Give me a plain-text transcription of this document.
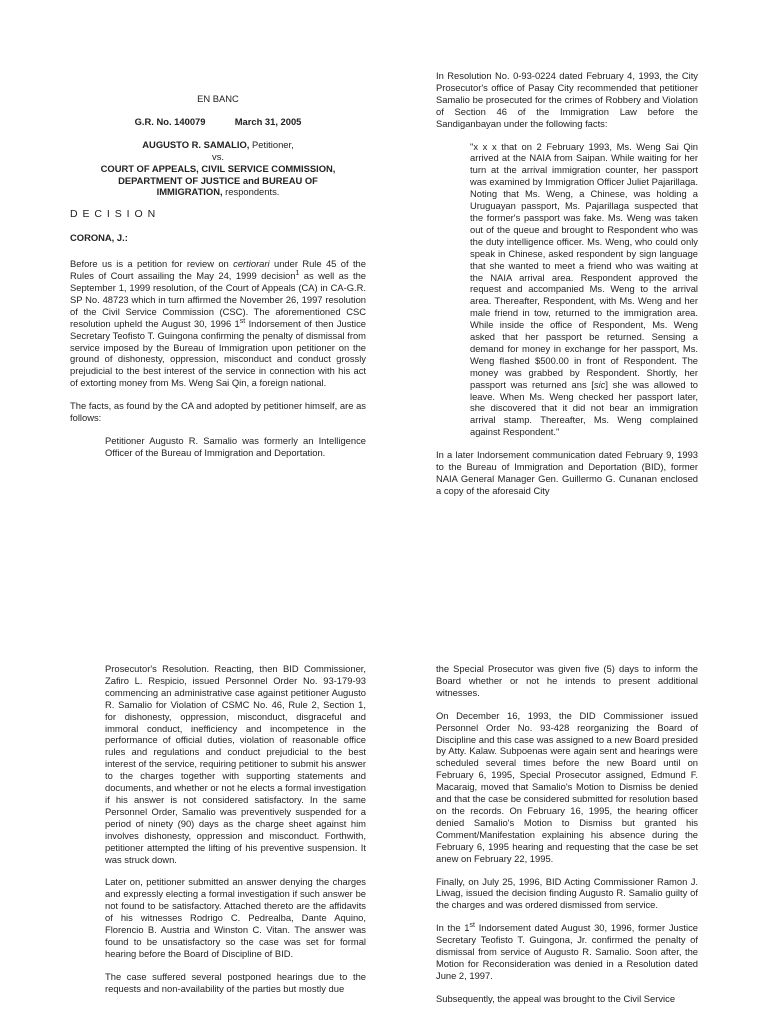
EN BANC

G.R. No. 140079	March 31, 2005

AUGUSTO R. SAMALIO, Petitioner,

vs.

COURT OF APPEALS, CIVIL SERVICE COMMISSION,

DEPARTMENT OF JUSTICE and BUREAU OF

IMMIGRATION, respondents.

D E C I S I O N

CORONA, J.:

Before us is a petition for review on certiorari under Rule 45 of the Rules of Court assailing the May 24, 1999 decision$^1$ as well as the September 1, 1999 resolution, of the Court of Appeals (CA) in CA-G.R. SP No. 48723 which in turn affirmed the November 26, 1997 resolution of the Civil Service Commission (CSC). The aforementioned CSC resolution upheld the August 30, 1996 1st Indorsement of then Justice Secretary Teofisto T. Guingona confirming the penalty of dismissal from service imposed by the Bureau of Immigration upon petitioner on the ground of dishonesty, oppression, misconduct and conduct grossly prejudicial to the best interest of the service in connection with his act of extorting money from Ms. Weng Sai Qin, a foreign national.

The facts, as found by the CA and adopted by petitioner himself, are as follows:

Petitioner Augusto R. Samalio was formerly an Intelligence Officer of the Bureau of Immigration and Deportation.

In Resolution No. 0-93-0224 dated February 4, 1993, the City Prosecutor's office of Pasay City recommended that petitioner Samalio be prosecuted for the crimes of Robbery and Violation of Section 46 of the Immigration Law before the Sandiganbayan under the following facts:

"x x x that on 2 February 1993, Ms. Weng Sai Qin arrived at the NAIA from Saipan. While waiting for her turn at the arrival immigration counter, her passport was examined by Immigration Officer Juliet Pajarillaga. Noting that Ms. Weng, a Chinese, was holding a Uruguayan passport, Ms. Pajarillaga suspected that the former's passport was fake. Ms. Weng was taken out of the queue and brought to Respondent who was the duty intelligence officer. Ms. Weng, who could only speak in Chinese, asked respondent by sign language that she wanted to meet a friend who was waiting at the NAIA arrival area. Respondent approved the request and accompanied Ms. Weng to the arrival area. Thereafter, Respondent, with Ms. Weng and her male friend in tow, returned to the immigration area. While inside the office of Respondent, Ms. Weng asked that her passport be returned. Sensing a demand for money in exchange for her passport, Ms. Weng flashed $500.00 in front of Respondent. The money was grabbed by Respondent. Shortly, her passport was returned ans [sic] she was allowed to leave. When Ms. Weng checked her passport later, she discovered that it did not bear an immigration arrival stamp. Thereafter, Ms. Weng complained against Respondent."

In a later Indorsement communication dated February 9, 1993 to the Bureau of Immigration and Deportation (BID), former NAIA General Manager Gen. Guillermo G. Cunanan enclosed a copy of the aforesaid City

Prosecutor's Resolution. Reacting, then BID Commissioner, Zafiro L. Respicio, issued Personnel Order No. 93-179-93 commencing an administrative case against petitioner Augusto R. Samalio for Violation of CSMC No. 46, Rule 2, Section 1, for dishonesty, oppression, misconduct, disgraceful and immoral conduct, inefficiency and incompetence in the performance of official duties, violation of reasonable office rules and regulations and conduct prejudicial to the best interest of the service, requiring petitioner to submit his answer to the charges together with supporting statements and documents, and whether or not he elects a formal investigation if his answer is not considered satisfactory. In the same Personnel Order, Samalio was preventively suspended for a period of ninety (90) days as the charge sheet against him involves dishonesty, oppression and misconduct. Forthwith, petitioner attempted the lifting of his preventive suspension. It was struck down.

Later on, petitioner submitted an answer denying the charges and expressly electing a formal investigation if such answer be not found to be satisfactory. Attached thereto are the affidavits of his witnesses Rodrigo C. Pedrealba, Dante Aquino, Florencio B. Austria and Winston C. Vitan. The answer was found to be unsatisfactory so the case was set for formal hearing before the Board of Discipline of BID.

The case suffered several postponed hearings due to the requests and non-availability of the parties but mostly due

the Special Prosecutor was given five (5) days to inform the Board whether or not he intends to present additional witnesses.

On December 16, 1993, the DID Commissioner issued Personnel Order No. 93-428 reorganizing the Board of Discipline and this case was assigned to a new Board presided by Atty. Kalaw. Subpoenas were again sent and hearings were scheduled several times before the new Board until on February 6, 1995, Special Prosecutor assigned, Edmund F. Macaraig, moved that Samalio's Motion to Dismiss be denied and that the case be considered submitted for resolution based on the records. On February 16, 1995, the hearing officer denied Samalio's Motion to Dismiss but granted his Comment/Manifestation explaining his absence during the February 6, 1995 hearing and requesting that the case be set anew on February 22, 1995.

Finally, on July 25, 1996, BID Acting Commissioner Ramon J. Liwag, issued the decision finding Augusto R. Samalio guilty of the charges and was ordered dismissed from service.

In the 1st Indorsement dated August 30, 1996, former Justice Secretary Teofisto T. Guingona, Jr. confirmed the penalty of dismissal from service of Augusto R. Samalio. Soon after, the Motion for Reconsideration was denied in a Resolution dated June 2, 1997.

Subsequently, the appeal was brought to the Civil Service
